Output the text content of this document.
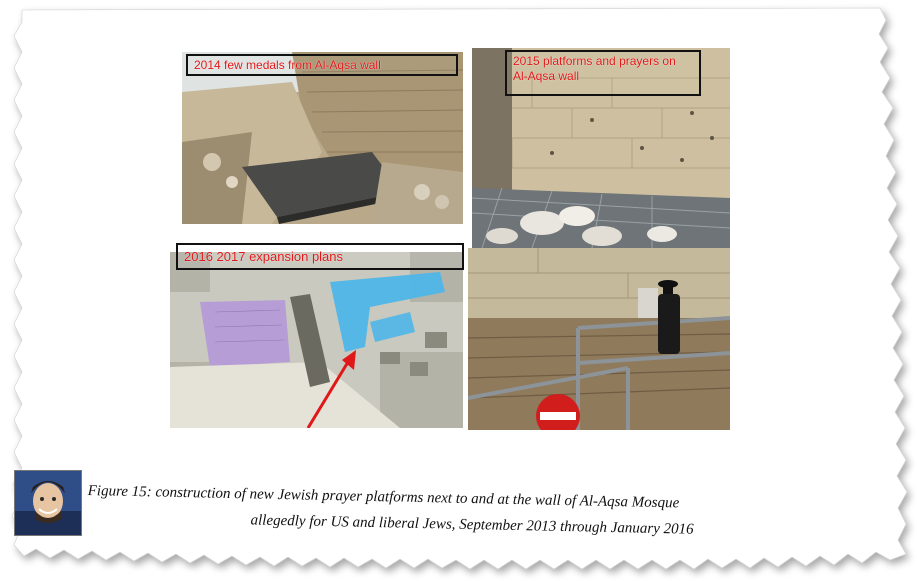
2014 few medals from Al-Aqsa wall	2015 platforms and prayers on Al-Aqsa wall
2016 2017 expansion plans
Figure 15: construction of new Jewish prayer platforms next to and at the wall of Al-Aqsa Mosque
allegedly for US and liberal Jews, September 2013 through January 2016
